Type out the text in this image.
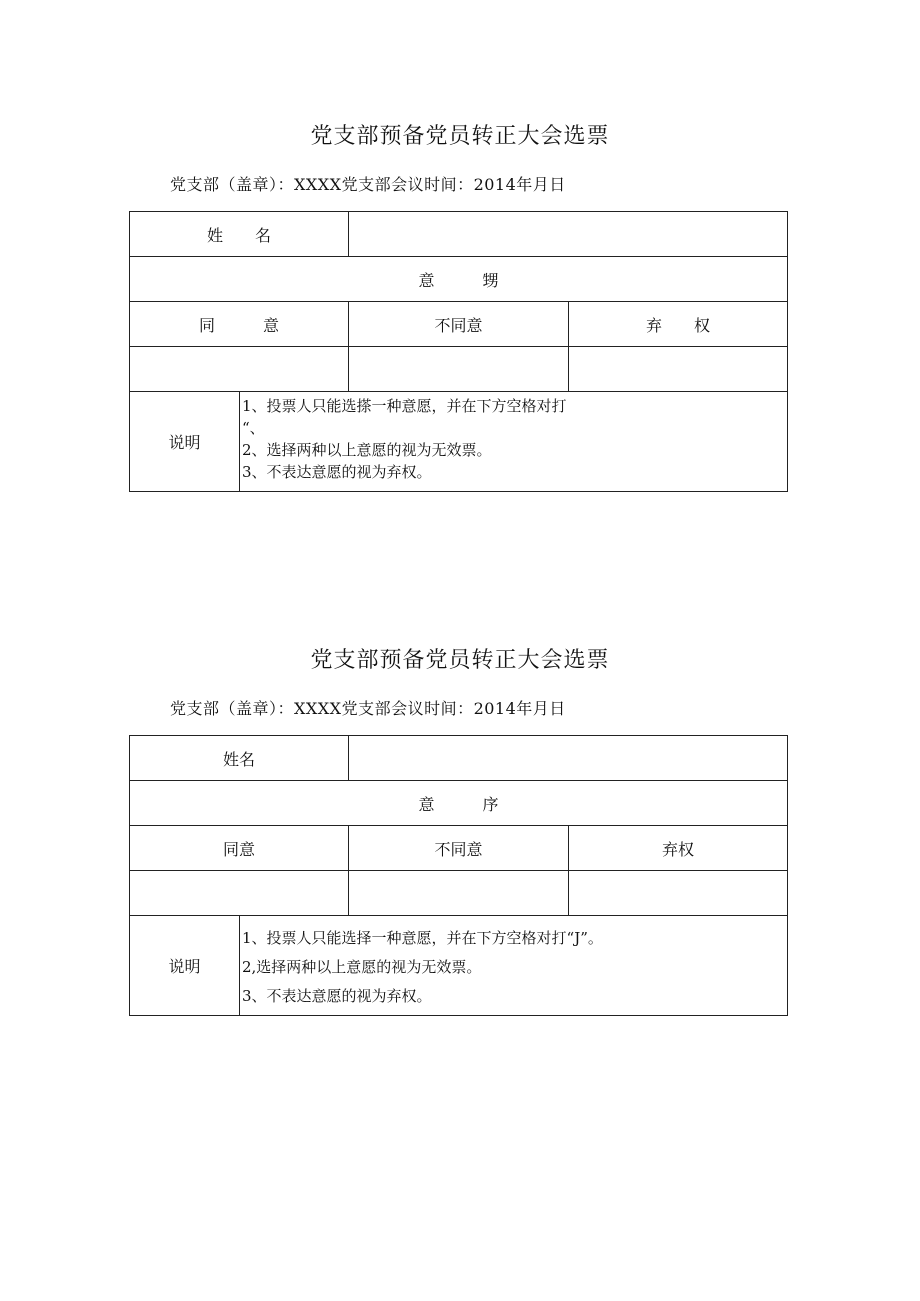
党支部预备党员转正大会选票
党支部（盖章）：XXXX党支部会议时间：2014年月日
姓　　名
意　　　甥
同　　　意	不同意	弃　　权
说明
1、投票人只能选搽一种意愿，并在下方空格对打
“、
2、选择两种以上意愿的视为无效票。
3、不表达意愿的视为弃权。
党支部预备党员转正大会选票
党支部（盖章）：XXXX党支部会议时间：2014年月日
姓名
意　　　序
同意	不同意	弃权
说明
1、投票人只能选择一种意愿，并在下方空格对打“J”。
2,选择两种以上意愿的视为无效票。
3、不表达意愿的视为弃权。
